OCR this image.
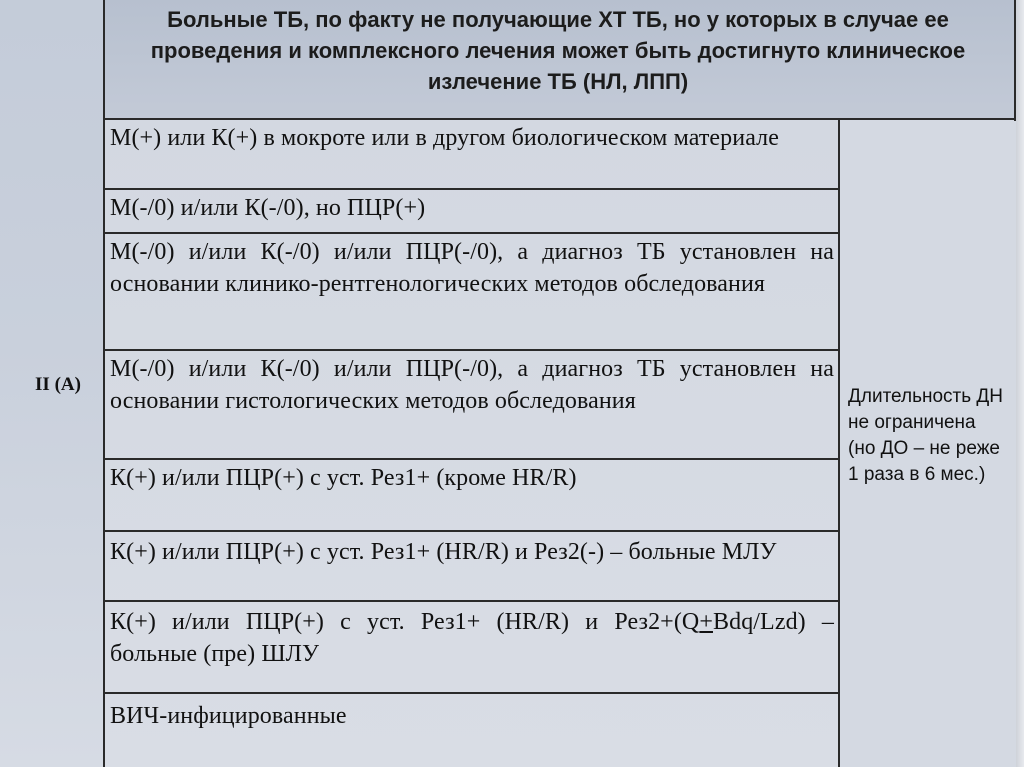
Больные ТБ, по факту не получающие ХТ ТБ, но у которых в случае ее проведения и комплексного лечения может быть достигнуто клиническое излечение ТБ (НЛ, ЛПП)
II (А)
М(+) или К(+) в мокроте или в другом биологическом материале
М(-/0) и/или К(-/0), но ПЦР(+)
М(-/0) и/или К(-/0) и/или ПЦР(-/0), а диагноз ТБ установлен на основании клинико-рентгенологических методов обследования
М(-/0) и/или К(-/0) и/или ПЦР(-/0), а диагноз ТБ установлен на основании гистологических методов обследования
К(+) и/или ПЦР(+) с уст. Рез1+ (кроме HR/R)
К(+) и/или ПЦР(+) с уст. Рез1+ (HR/R) и Рез2(-) – больные МЛУ
К(+) и/или ПЦР(+) с уст. Рез1+ (HR/R) и Рез2+(Q+Bdq/Lzd) – больные (пре) ШЛУ
ВИЧ-инфицированные
Длительность ДН не ограничена (но ДО – не реже 1 раза в 6 мес.)
